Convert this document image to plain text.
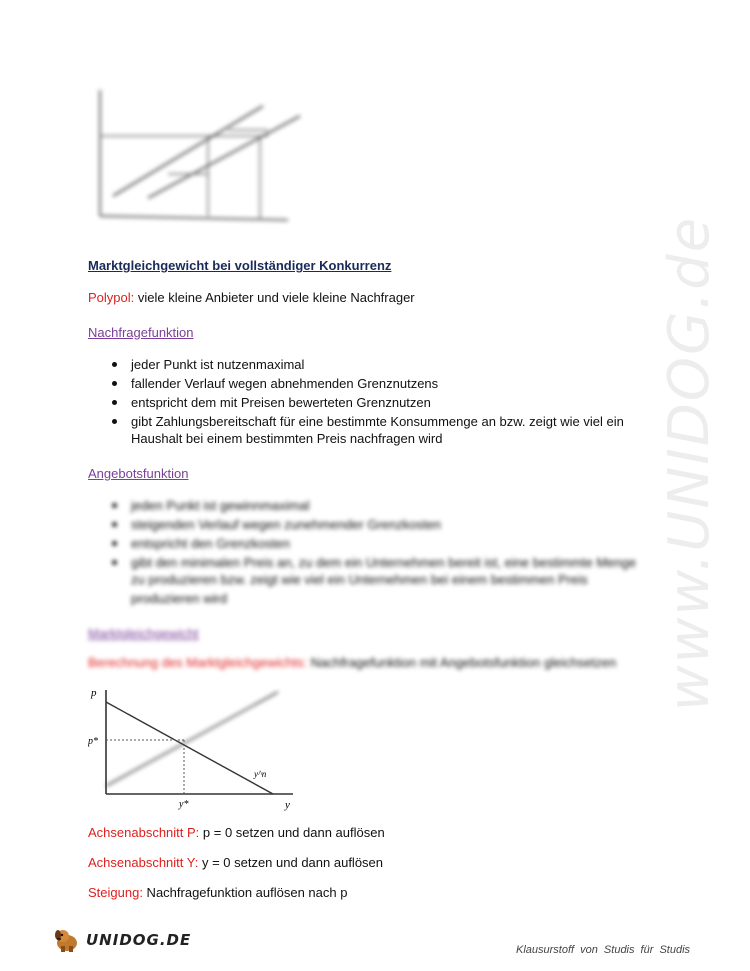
www.UNIDOG.de
Marktgleichgewicht bei vollständiger Konkurrenz
Polypol: viele kleine Anbieter und viele kleine Nachfrager
Nachfragefunktion
jeder Punkt ist nutzenmaximal
fallender Verlauf wegen abnehmenden Grenznutzens
entspricht dem mit Preisen bewerteten Grenznutzen
gibt Zahlungsbereitschaft für eine bestimmte Konsummenge an bzw. zeigt wie viel ein
Haushalt bei einem bestimmten Preis nachfragen wird
Angebotsfunktion
jeden Punkt ist gewinnmaximal
steigenden Verlauf wegen zunehmender Grenzkosten
entspricht den Grenzkosten
gibt den minimalen Preis an, zu dem ein Unternehmen bereit ist, eine bestimmte Menge
zu produzieren bzw. zeigt wie viel ein Unternehmen bei einem bestimmen Preis
produzieren wird
Marktgleichgewicht
Berechnung des Marktgleichgewichts: Nachfragefunktion mit Angebotsfunktion gleichsetzen
p
p*
y^n
y*	y
Achsenabschnitt P: p = 0 setzen und dann auflösen
Achsenabschnitt Y: y = 0 setzen und dann auflösen
Steigung: Nachfragefunktion auflösen nach p
UNIDOG.DE
Klausurstoff von Studis für Studis
